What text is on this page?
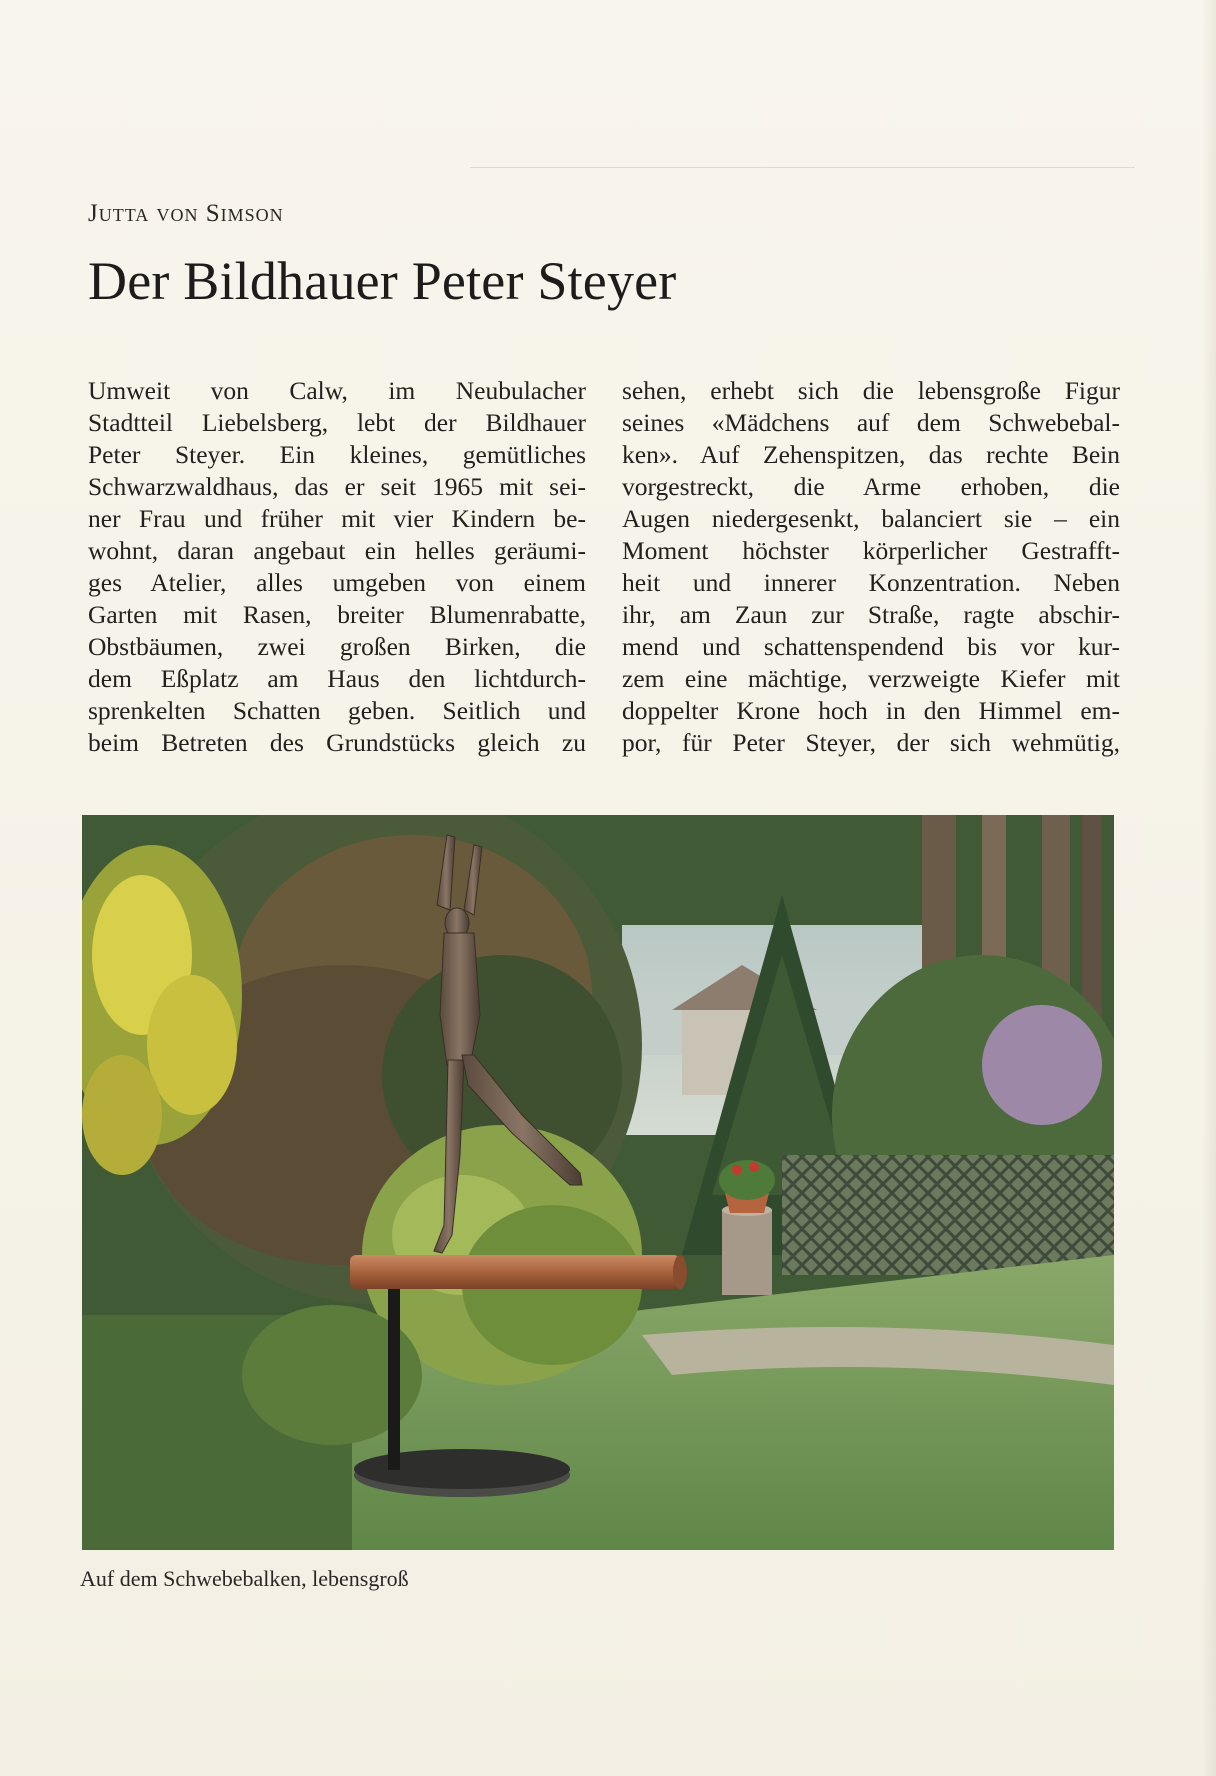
Jutta von Simson
Der Bildhauer Peter Steyer
Umweit von Calw, im Neubulacher
Stadtteil Liebelsberg, lebt der Bildhauer
Peter Steyer. Ein kleines, gemütliches
Schwarzwaldhaus, das er seit 1965 mit sei-
ner Frau und früher mit vier Kindern be-
wohnt, daran angebaut ein helles geräumi-
ges Atelier, alles umgeben von einem
Garten mit Rasen, breiter Blumenrabatte,
Obstbäumen, zwei großen Birken, die
dem Eßplatz am Haus den lichtdurch-
sprenkelten Schatten geben. Seitlich und
beim Betreten des Grundstücks gleich zu
sehen, erhebt sich die lebensgroße Figur
seines «Mädchens auf dem Schwebebal-
ken». Auf Zehenspitzen, das rechte Bein
vorgestreckt, die Arme erhoben, die
Augen niedergesenkt, balanciert sie – ein
Moment höchster körperlicher Gestrafft-
heit und innerer Konzentration. Neben
ihr, am Zaun zur Straße, ragte abschir-
mend und schattenspendend bis vor kur-
zem eine mächtige, verzweigte Kiefer mit
doppelter Krone hoch in den Himmel em-
por, für Peter Steyer, der sich wehmütig,
Auf dem Schwebebalken, lebensgroß
